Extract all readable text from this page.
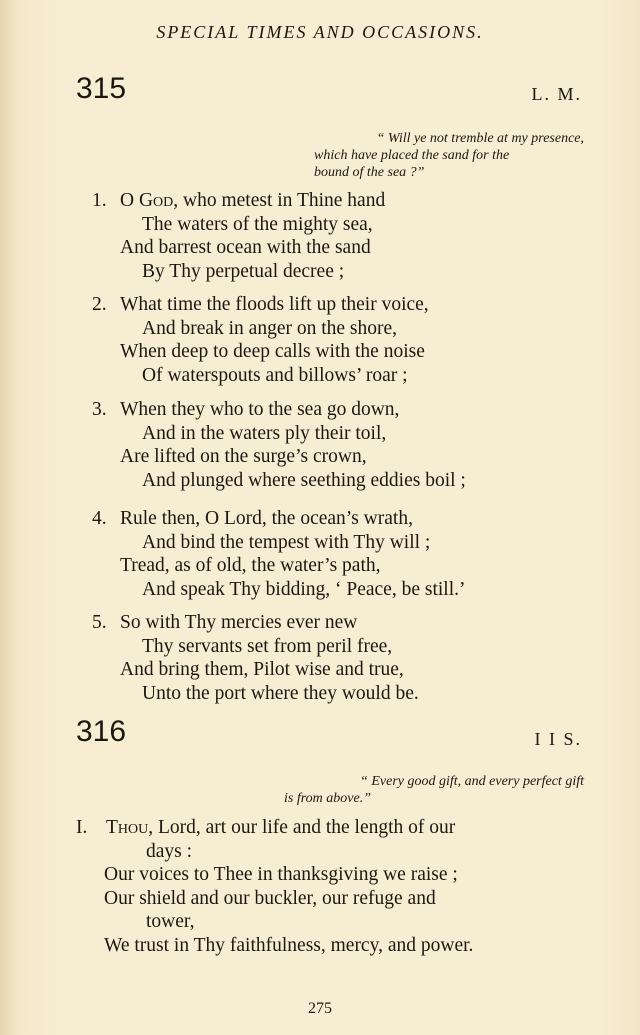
SPECIAL TIMES AND OCCASIONS.
315	L. M.
“ Will ye not tremble at my presence,
which have placed the sand for the
bound of the sea ?”
1. O God, who metest in Thine hand
The waters of the mighty sea,
And barrest ocean with the sand
By Thy perpetual decree ;
2. What time the floods lift up their voice,
And break in anger on the shore,
When deep to deep calls with the noise
Of waterspouts and billows’ roar ;
3. When they who to the sea go down,
And in the waters ply their toil,
Are lifted on the surge’s crown,
And plunged where seething eddies boil ;
4. Rule then, O Lord, the ocean’s wrath,
And bind the tempest with Thy will ;
Tread, as of old, the water’s path,
And speak Thy bidding, ‘ Peace, be still.’
5. So with Thy mercies ever new
Thy servants set from peril free,
And bring them, Pilot wise and true,
Unto the port where they would be.
316	I I S.
“ Every good gift, and every perfect gift
is from above.”
I. Thou, Lord, art our life and the length of our
days :
Our voices to Thee in thanksgiving we raise ;
Our shield and our buckler, our refuge and
tower,
We trust in Thy faithfulness, mercy, and power.
275
